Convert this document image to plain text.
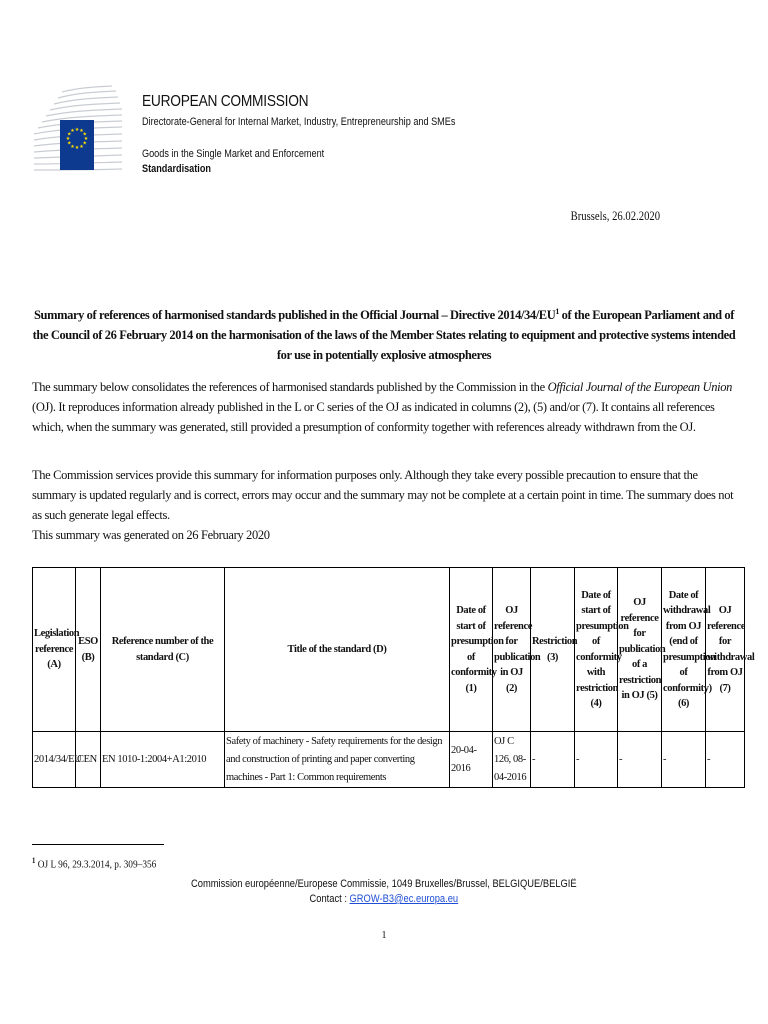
★ ★
★
★
★
★
★
★
★
★
★
★
EUROPEAN COMMISSION
Directorate-General for Internal Market, Industry, Entrepreneurship and SMEs
Goods in the Single Market and Enforcement
Standardisation
Brussels, 26.02.2020
Summary of references of harmonised standards published in the Official Journal – Directive $2014/34/EU^1$ of the European Parliament and of the Council of 26 February 2014 on the harmonisation of the laws of the Member States relating to equipment and protective systems intended for use in potentially explosive atmospheres
The summary below consolidates the references of harmonised standards published by the Commission in the Official Journal of the European Union (OJ). It reproduces information already published in the L or C series of the OJ as indicated in columns (2), (5) and/or (7). It contains all references which, when the summary was generated, still provided a presumption of conformity together with references already withdrawn from the OJ.
The Commission services provide this summary for information purposes only. Although they take every possible precaution to ensure that the summary is updated regularly and is correct, errors may occur and the summary may not be complete at a certain point in time. The summary does not as such generate legal effects.
This summary was generated on 26 February 2020
Legislation reference (A)	ESO (B)	Reference number of the standard (C)	Title of the standard (D)	Date of start of presumption of conformity (1)	OJ reference for publication in OJ (2)	Restriction (3)	Date of start of presumption of conformity with restriction (4)	OJ reference for publication of a restriction in OJ (5)	Date of withdrawal from OJ (end of presumption of conformity) (6)	OJ reference for withdrawal from OJ (7)
2014/34/EU	CEN	EN 1010-1:2004+A1:2010	Safety of machinery - Safety requirements for the design and construction of printing and paper converting machines - Part 1: Common requirements	20-04-2016	OJ C 126, 08-04-2016	-	-	-	-	-
$^1$ OJ L 96, 29.3.2014, p. 309–356
Commission européenne/Europese Commissie, 1049 Bruxelles/Brussel, BELGIQUE/BELGIË
Contact : GROW-B3@ec.europa.eu
1
